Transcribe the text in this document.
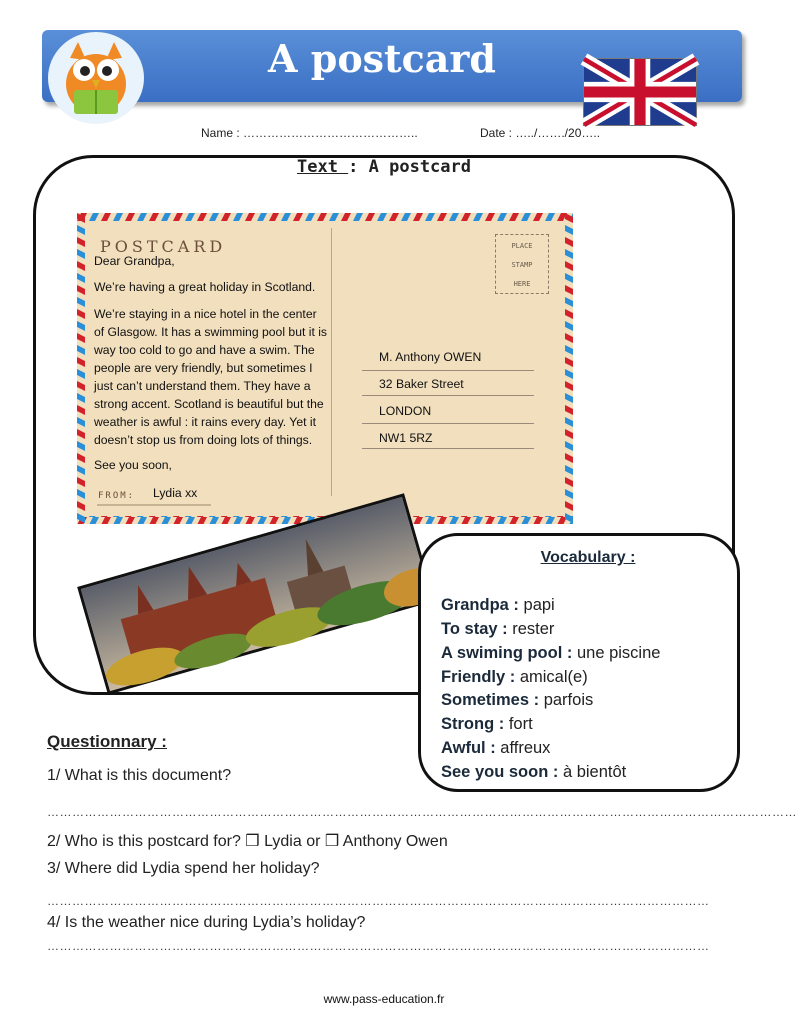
A postcard
Name : ……………………………………..	Date : …../……./20…..
Text : A postcard
POSTCARD	PLACE
STAMP
HERE
Dear Grandpa,
We’re having a great holiday in Scotland.
We’re staying in a nice hotel in the center
of Glasgow. It has a swimming pool but it is
way too cold to go and have a swim. The
people are very friendly, but sometimes I
just can’t understand them. They have a
strong accent. Scotland is beautiful but the
weather is awful : it rains every day. Yet it
doesn’t stop us from doing lots of things.
See you soon,
FROM: Lydia xx
M. Anthony OWEN
32 Baker Street
LONDON
NW1 5RZ
Vocabulary :
Grandpa : papi
To stay : rester
A swiming pool : une piscine
Friendly : amical(e)
Sometimes : parfois
Strong : fort
Awful : affreux
See you soon : à bientôt
Questionnary :
1/ What is this document?
………………………………………………………………………………………………………………………………………………………………
2/ Who is this postcard for? ❒ Lydia or ❒ Anthony Owen
3/ Where did Lydia spend her holiday?
……………………………………………………………………………………………………………………………………………
4/ Is the weather nice during Lydia’s holiday?
……………………………………………………………………………………………………………………………………………
www.pass-education.fr
